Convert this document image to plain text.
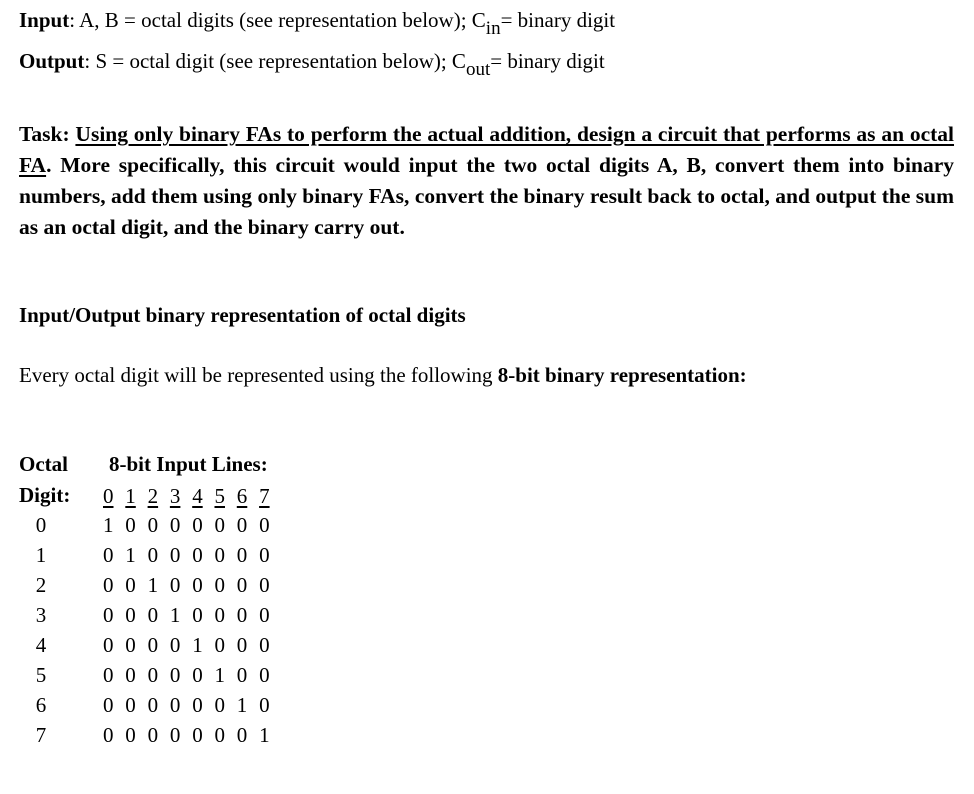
Input: A, B = octal digits (see representation below); Cin= binary digit
Output: S = octal digit (see representation below); Cout= binary digit
Task: Using only binary FAs to perform the actual addition, design a circuit that performs as an octal FA. More specifically, this circuit would input the two octal digits A, B, convert them into binary numbers, add them using only binary FAs, convert the binary result back to octal, and output the sum as an octal digit, and the binary carry out.
Input/Output binary representation of octal digits
Every octal digit will be represented using the following 8-bit binary representation:
Octal
Digit:
8-bit Input Lines:
0 1 2 3 4 5 6 7
0	1 0 0 0 0 0 0 0
1	0 1 0 0 0 0 0 0
2	0 0 1 0 0 0 0 0
3	0 0 0 1 0 0 0 0
4	0 0 0 0 1 0 0 0
5	0 0 0 0 0 1 0 0
6	0 0 0 0 0 0 1 0
7	0 0 0 0 0 0 0 1
